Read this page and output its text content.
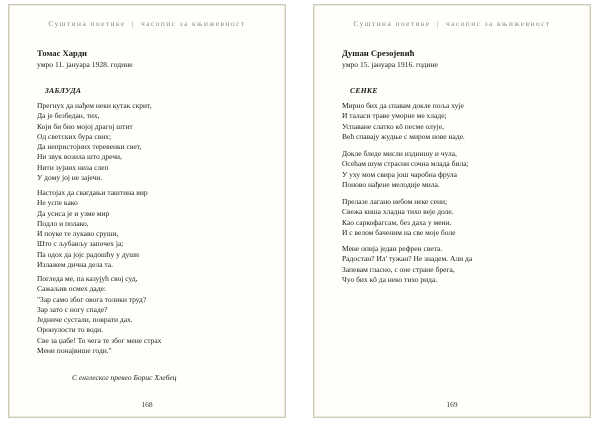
Суштина поетике | часопис за књижевност
Томас Харди
умро 11. јануара 1928. године
ЗАБЛУДА
Прегнух да нађем неки кутак скрит,
Да је безбедан, тих,
Који би био мојој драгој штит
Од светских бура свих;
Да непристојних теревенки свет,
Ни звук возила што дречи,
Нити зујних низа слеп
У дому јој не зајечи.
Настојах да свагдањи таштина вир
Не успе како
Да усиса је и узме мир
Подло и полако,
И поуке те лукаво сруши,
Што с љубављу започех ја;
Па одох да јојс радошћу у души
Излажем дична дела та.
Погледа ме, па казујућ свој суд,
Сажаљив осмех даде:
"Зар само због овога толики труд?
Зар зато с ногу спаде?
Једниче сустали, поврати дах.
Оронулости то води.
Све за џабе! То чега те због мене страх
Мени понајвише годи."
С енглеског превео Борис Хлебец
168
Суштина поетике | часопис за књижевност
Душан Срезојевић
умро 15. јануара 1916. године
СЕНКЕ
Мирно бих да спавам докле поља хује
И таласи траве уморне ме хладе;
Успаване слатко кô песме олује,
Већ спавају жудње с миром нове наде.
Докле бледе мисли изднишу и чула,
Осећам шум страсни сочна млада била;
У уху мом свира још чаробна фрула
Поново нађене мелодије мила.
Прелазе лагано небом неке сени;
Свежа киша хладна тихо веје доле.
Као саркофагсам, без дaха у мени.
И с велом баченим на све моје боле
Мене опија један рефрен света.
Радостан? Ил' тужан? Не знадем. Али да
Запевам гласно, с оне стране брега,
Чуо бих кô да неко тихо рида.
169
